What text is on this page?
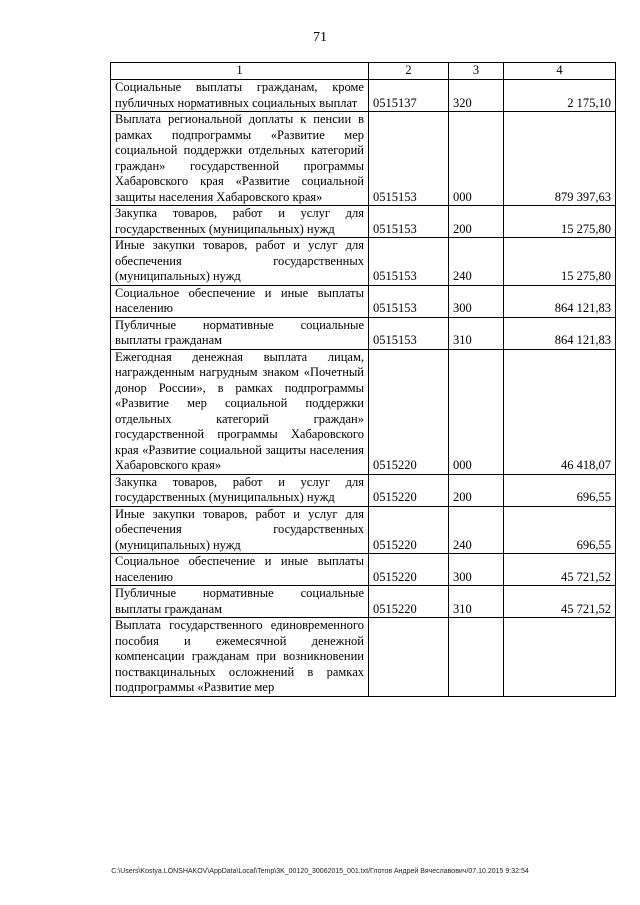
71
1	2	3	4
Социальные выплаты гражданам, кроме публичных нормативных социальных выплат	0515137	320	2 175,10
Выплата региональной доплаты к пенсии в рамках подпрограммы «Развитие мер социальной поддержки отдельных категорий граждан» государственной программы Хабаровского края «Развитие социальной защиты населения Хабаровского края»	0515153	000	879 397,63
Закупка товаров, работ и услуг для государственных (муниципальных) нужд	0515153	200	15 275,80
Иные закупки товаров, работ и услуг для обеспечения государственных (муниципальных) нужд	0515153	240	15 275,80
Социальное обеспечение и иные выплаты населению	0515153	300	864 121,83
Публичные нормативные социальные выплаты гражданам	0515153	310	864 121,83
Ежегодная денежная выплата лицам, награжденным нагрудным знаком «Почетный донор России», в рамках подпрограммы «Развитие мер социальной поддержки отдельных категорий граждан» государственной программы Хабаровского края «Развитие социальной защиты населения Хабаровского края»	0515220	000	46 418,07
Закупка товаров, работ и услуг для государственных (муниципальных) нужд	0515220	200	696,55
Иные закупки товаров, работ и услуг для обеспечения государственных (муниципальных) нужд	0515220	240	696,55
Социальное обеспечение и иные выплаты населению	0515220	300	45 721,52
Публичные нормативные социальные выплаты гражданам	0515220	310	45 721,52
Выплата государственного единовременного пособия и ежемесячной денежной компенсации гражданам при возникновении поствакцинальных осложнений в рамках подпрограммы «Развитие мер			
C:\Users\Kostya.LONSHAKOV\AppData\Local\Temp\3K_00120_30062015_001.txt/Глотов Андрей Вячеславович/07.10.2015 9:32:54
